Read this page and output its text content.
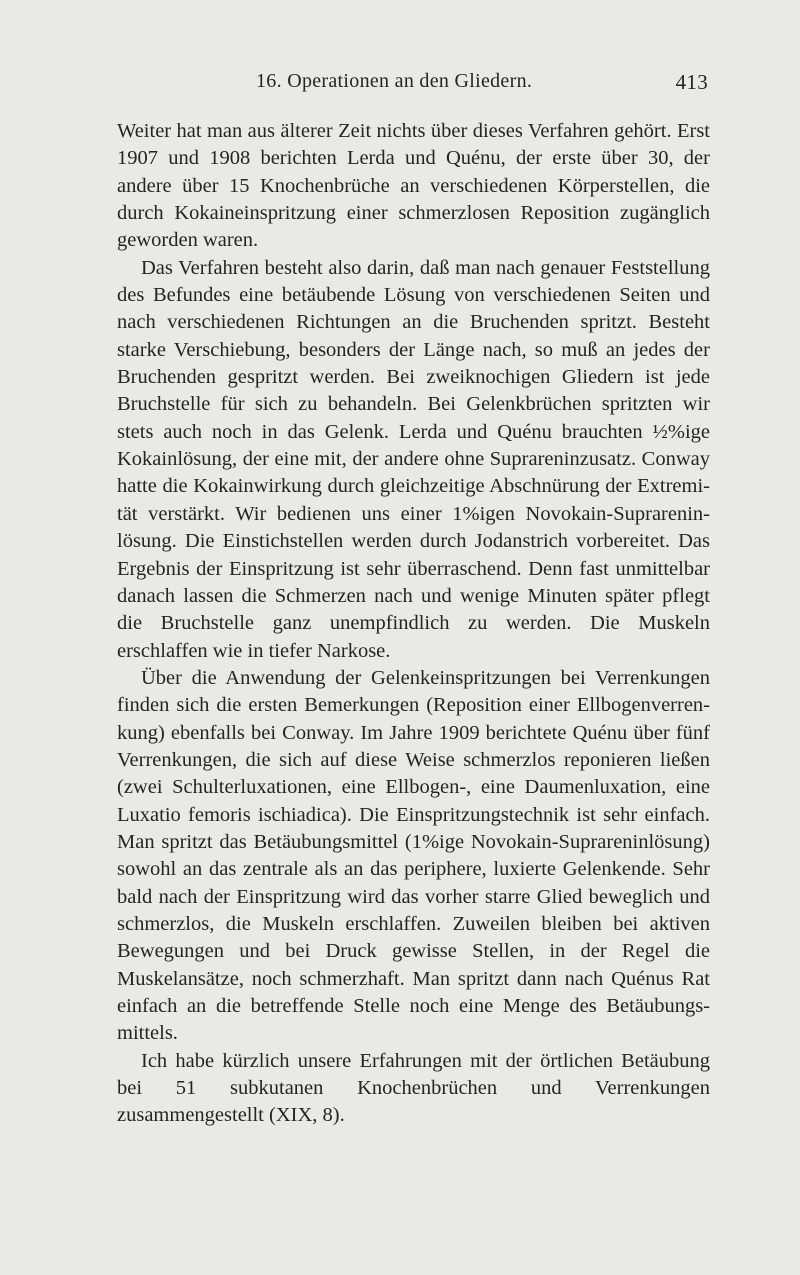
16. Operationen an den Gliedern.	413

Weiter hat man aus älterer Zeit nichts über dieses Verfahren gehört. Erst 1907 und 1908 berichten Lerda und Quénu, der erste über 30, der andere über 15 Knochenbrüche an verschiedenen Körperstellen, die durch Kokaineinspritzung einer schmerzlosen Reposition zugänglich geworden waren.

Das Verfahren besteht also darin, daß man nach genauer Feststellung des Befundes eine betäubende Lösung von verschiedenen Seiten und nach verschiedenen Richtungen an die Bruchenden spritzt. Besteht starke Verschiebung, besonders der Länge nach, so muß an jedes der Bruchenden gespritzt werden. Bei zweiknochigen Gliedern ist jede Bruchstelle für sich zu behandeln. Bei Gelenkbrüchen spritzten wir stets auch noch in das Gelenk. Lerda und Quénu brauchten ½%ige Kokainlösung, der eine mit, der andere ohne Suprareninzusatz. Conway hatte die Kokainwirkung durch gleichzeitige Abschnürung der Extremität verstärkt. Wir bedienen uns einer 1%igen Novokain-Suprareninlösung. Die Einstichstellen werden durch Jodanstrich vorbereitet. Das Ergebnis der Einspritzung ist sehr überraschend. Denn fast unmittelbar danach lassen die Schmerzen nach und wenige Minuten später pflegt die Bruchstelle ganz unempfindlich zu werden. Die Muskeln erschlaffen wie in tiefer Narkose.

Über die Anwendung der Gelenkeinspritzungen bei Verrenkungen finden sich die ersten Bemerkungen (Reposition einer Ellbogenverrenkung) ebenfalls bei Conway. Im Jahre 1909 berichtete Quénu über fünf Verrenkungen, die sich auf diese Weise schmerzlos reponieren ließen (zwei Schulterluxationen, eine Ellbogen-, eine Daumenluxation, eine Luxatio femoris ischiadica). Die Einspritzungstechnik ist sehr einfach. Man spritzt das Betäubungsmittel (1%ige Novokain-Suprareninlösung) sowohl an das zentrale als an das periphere, luxierte Gelenkende. Sehr bald nach der Einspritzung wird das vorher starre Glied beweglich und schmerzlos, die Muskeln erschlaffen. Zuweilen bleiben bei aktiven Bewegungen und bei Druck gewisse Stellen, in der Regel die Muskelansätze, noch schmerzhaft. Man spritzt dann nach Quénus Rat einfach an die betreffende Stelle noch eine Menge des Betäubungsmittels.

Ich habe kürzlich unsere Erfahrungen mit der örtlichen Betäubung bei 51 subkutanen Knochenbrüchen und Verrenkungen zusammengestellt (XIX, 8).
